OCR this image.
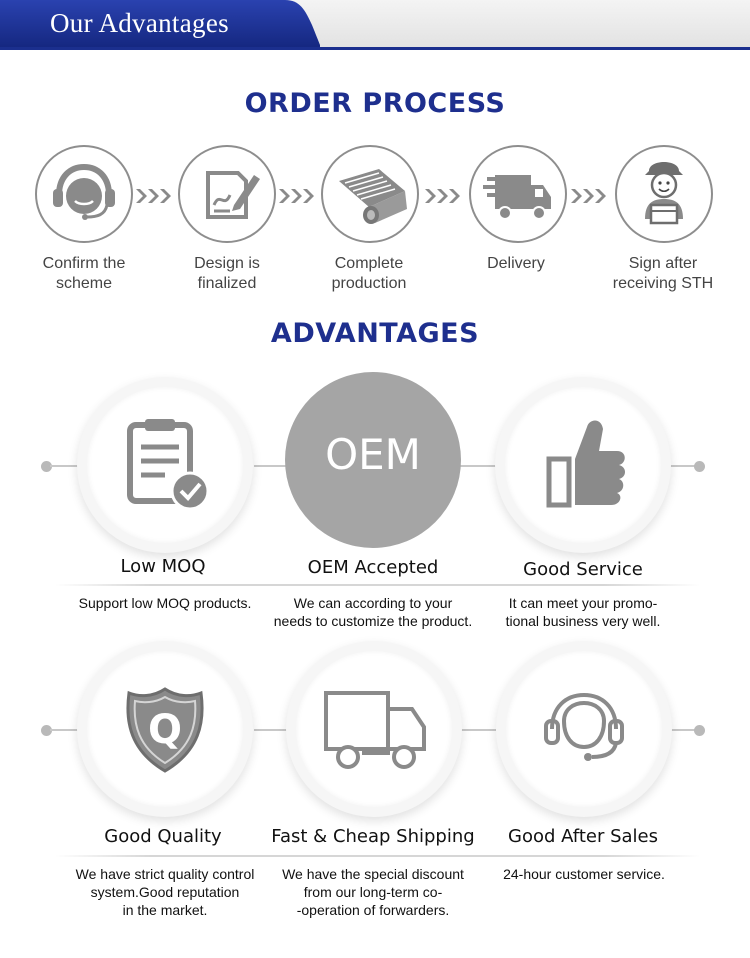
Our Advantages
ORDER PROCESS
Confirm the
scheme
Design is
finalized
Complete
production
Delivery	Sign after
receiving STH
ADVANTAGES
OEM
Low MOQ	OEM Accepted	Good Service
Support low MOQ products.	We can according to your
needs to customize the product.
It can meet your promo-
tional business very well.
Q
Good Quality	Fast & Cheap Shipping	Good After Sales
We have strict quality control
system.Good reputation
in the market.
We have the special discount
from our long-term co-
-operation of forwarders.
24-hour customer service.
